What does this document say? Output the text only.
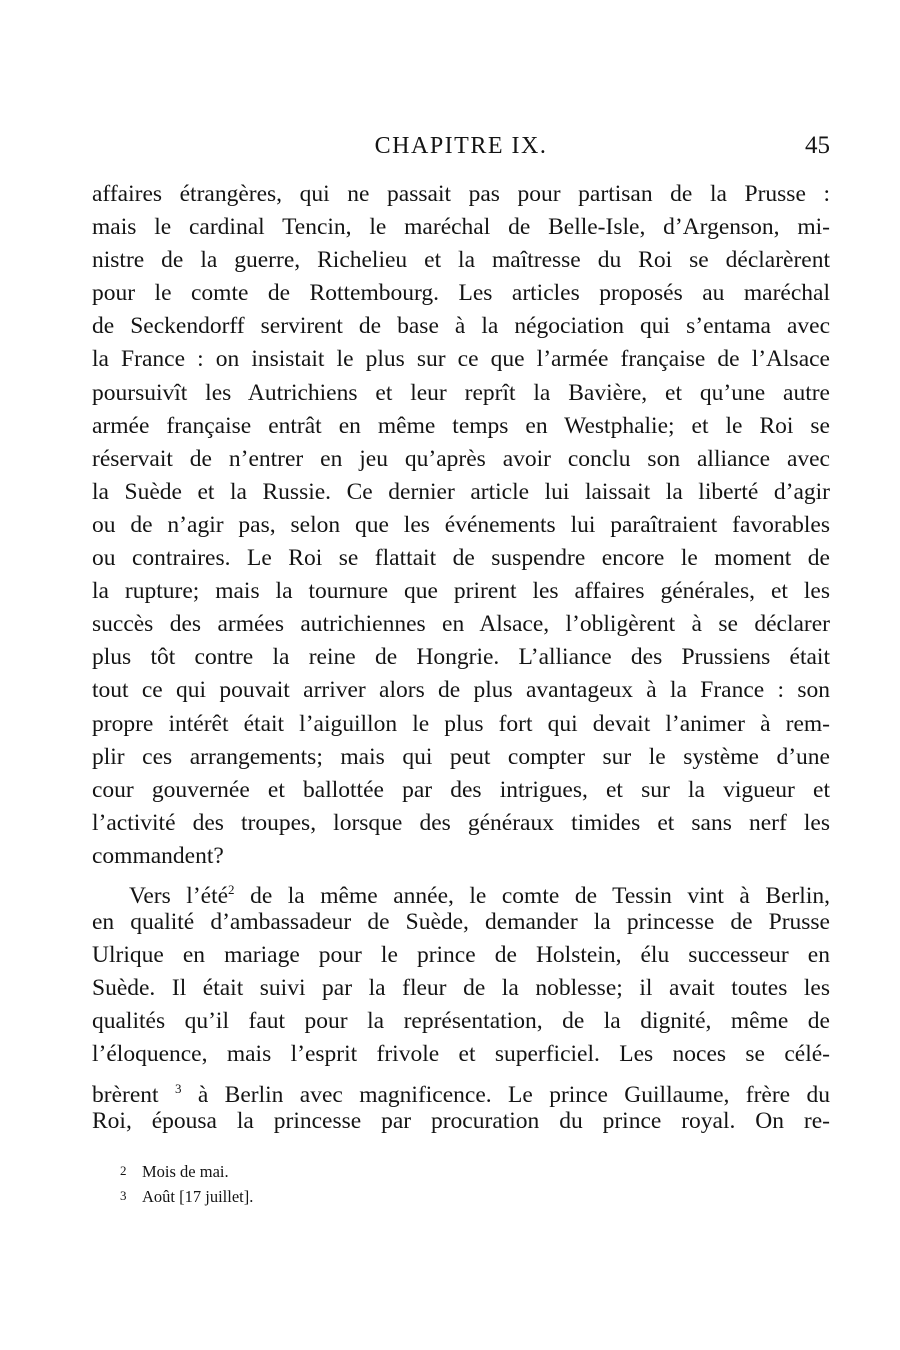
CHAPITRE IX.	45
affaires étrangères, qui ne passait pas pour partisan de la Prusse :
mais le cardinal Tencin, le maréchal de Belle-Isle, d’Argenson, mi-
nistre de la guerre, Richelieu et la maîtresse du Roi se déclarèrent
pour le comte de Rottembourg. Les articles proposés au maréchal
de Seckendorff servirent de base à la négociation qui s’entama avec
la France : on insistait le plus sur ce que l’armée française de l’Alsace
poursuivît les Autrichiens et leur reprît la Bavière, et qu’une autre
armée française entrât en même temps en Westphalie; et le Roi se
réservait de n’entrer en jeu qu’après avoir conclu son alliance avec
la Suède et la Russie. Ce dernier article lui laissait la liberté d’agir
ou de n’agir pas, selon que les événements lui paraîtraient favorables
ou contraires. Le Roi se flattait de suspendre encore le moment de
la rupture; mais la tournure que prirent les affaires générales, et les
succès des armées autrichiennes en Alsace, l’obligèrent à se déclarer
plus tôt contre la reine de Hongrie. L’alliance des Prussiens était
tout ce qui pouvait arriver alors de plus avantageux à la France : son
propre intérêt était l’aiguillon le plus fort qui devait l’animer à rem-
plir ces arrangements; mais qui peut compter sur le système d’une
cour gouvernée et ballottée par des intrigues, et sur la vigueur et
l’activité des troupes, lorsque des généraux timides et sans nerf les
commandent?
Vers l’été$^2$ de la même année, le comte de Tessin vint à Berlin,
en qualité d’ambassadeur de Suède, demander la princesse de Prusse
Ulrique en mariage pour le prince de Holstein, élu successeur en
Suède. Il était suivi par la fleur de la noblesse; il avait toutes les
qualités qu’il faut pour la représentation, de la dignité, même de
l’éloquence, mais l’esprit frivole et superficiel. Les noces se célé-
brèrent $^3$ à Berlin avec magnificence. Le prince Guillaume, frère du
Roi, épousa la princesse par procuration du prince royal. On re-
2 Mois de mai.
3 Août [17 juillet].
